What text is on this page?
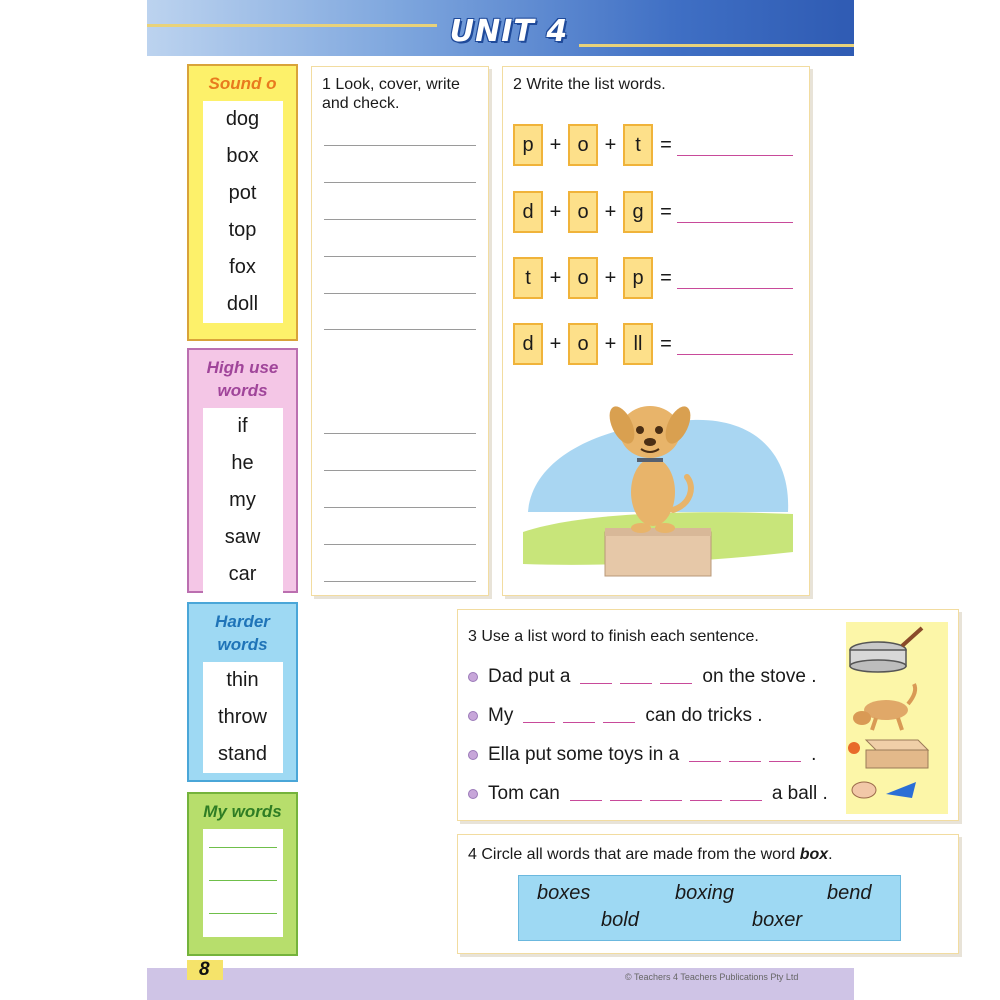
UNIT 4
Sound o
dog
box
pot
top
fox
doll
High use words
if
he
my
saw
car
Harder words
thin
throw
stand
My words
1 Look, cover, write and check.
2 Write the list words.
p + o + t =
d + o + g =
t + o + p =
d + o + ll =
3 Use a list word to finish each sentence.
Dad put a	on the stove .
My	can do tricks .
Ella put some toys in a	.
Tom can	a ball .
4 Circle all words that are made from the word box.
boxes	boxing	bend
bold	boxer
8	© Teachers 4 Teachers Publications Pty Ltd
